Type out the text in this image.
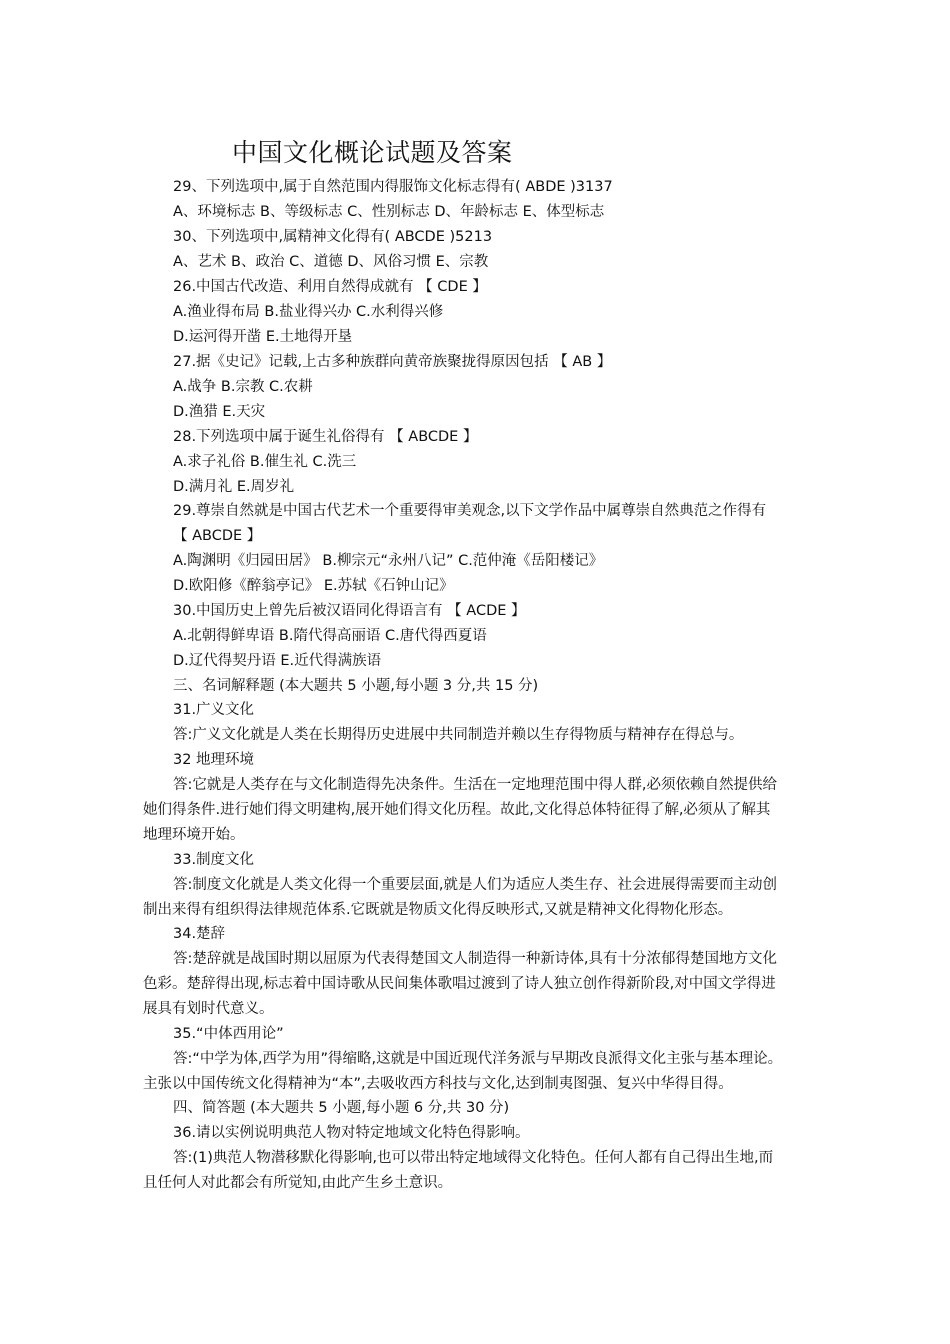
中国文化概论试题及答案
29、下列选项中,属于自然范围内得服饰文化标志得有( ABDE )3137
A、环境标志 B、等级标志 C、性别标志 D、年龄标志 E、体型标志
30、下列选项中,属精神文化得有( ABCDE )5213
A、艺术 B、政治 C、道德 D、风俗习惯 E、宗教
26.中国古代改造、利用自然得成就有 【 CDE 】
A.渔业得布局 B.盐业得兴办 C.水利得兴修
D.运河得开凿 E.土地得开垦
27.据《史记》记载,上古多种族群向黄帝族聚拢得原因包括 【 AB 】
A.战争 B.宗教 C.农耕
D.渔猎 E.天灾
28.下列选项中属于诞生礼俗得有 【 ABCDE 】
A.求子礼俗 B.催生礼 C.洗三
D.满月礼 E.周岁礼
29.尊崇自然就是中国古代艺术一个重要得审美观念,以下文学作品中属尊崇自然典范之作得有
【 ABCDE 】
A.陶渊明《归园田居》 B.柳宗元“永州八记” C.范仲淹《岳阳楼记》
D.欧阳修《醉翁亭记》 E.苏轼《石钟山记》
30.中国历史上曾先后被汉语同化得语言有 【 ACDE 】
A.北朝得鲜卑语 B.隋代得高丽语 C.唐代得西夏语
D.辽代得契丹语 E.近代得满族语
三、名词解释题 (本大题共 5 小题,每小题 3 分,共 15 分)
31.广义文化
答:广义文化就是人类在长期得历史进展中共同制造并赖以生存得物质与精神存在得总与。
32 地理环境
答:它就是人类存在与文化制造得先决条件。生活在一定地理范围中得人群,必须依赖自然提供给
她们得条件.进行她们得文明建构,展开她们得文化历程。故此,文化得总体特征得了解,必须从了解其
地理环境开始。
33.制度文化
答:制度文化就是人类文化得一个重要层面,就是人们为适应人类生存、社会进展得需要而主动创
制出来得有组织得法律规范体系.它既就是物质文化得反映形式,又就是精神文化得物化形态。
34.楚辞
答:楚辞就是战国时期以屈原为代表得楚国文人制造得一种新诗体,具有十分浓郁得楚国地方文化
色彩。楚辞得出现,标志着中国诗歌从民间集体歌唱过渡到了诗人独立创作得新阶段,对中国文学得进
展具有划时代意义。
35.“中体西用论”
答:“中学为体,西学为用”得缩略,这就是中国近现代洋务派与早期改良派得文化主张与基本理论。
主张以中国传统文化得精神为“本”,去吸收西方科技与文化,达到制夷图强、复兴中华得目得。
四、简答题 (本大题共 5 小题,每小题 6 分,共 30 分)
36.请以实例说明典范人物对特定地域文化特色得影响。
答:(1)典范人物潜移默化得影响,也可以带出特定地域得文化特色。任何人都有自己得出生地,而
且任何人对此都会有所觉知,由此产生乡土意识。
